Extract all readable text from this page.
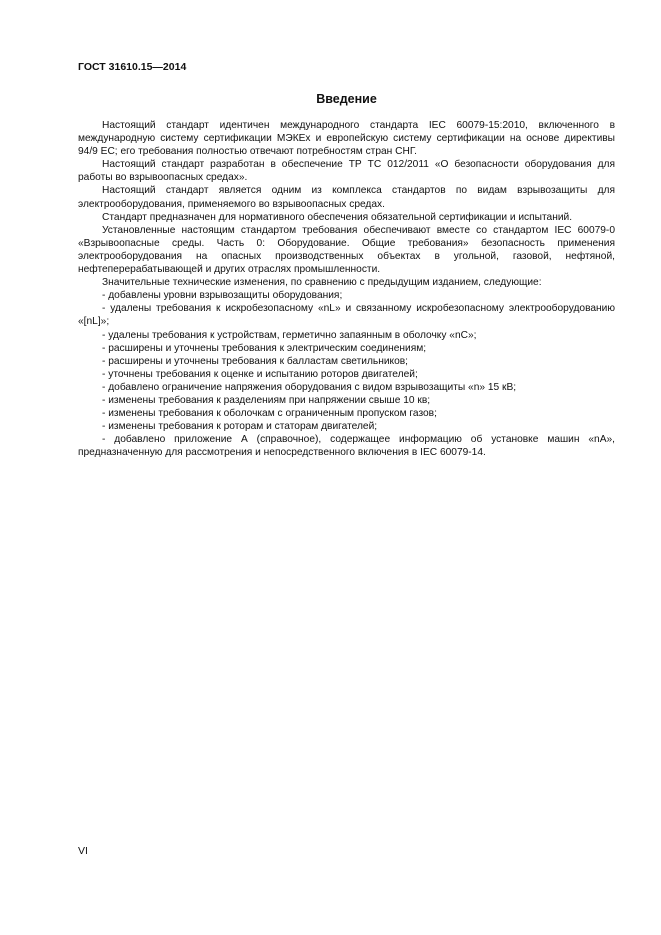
ГОСТ 31610.15—2014
Введение

Настоящий стандарт идентичен международного стандарта IEC 60079-15:2010, включенного в международную систему сертификации МЭКЕх и европейскую систему сертификации на основе директивы 94/9 ЕС; его требования полностью отвечают потребностям стран СНГ.

Настоящий стандарт разработан в обеспечение ТР ТС 012/2011 «О безопасности оборудования для работы во взрывоопасных средах».

Настоящий стандарт является одним из комплекса стандартов по видам взрывозащиты для электрооборудования, применяемого во взрывоопасных средах.

Стандарт предназначен для нормативного обеспечения обязательной сертификации и испытаний.

Установленные настоящим стандартом требования обеспечивают вместе со стандартом IEC 60079-0 «Взрывоопасные среды. Часть 0: Оборудование. Общие требования» безопасность применения электрооборудования на опасных производственных объектах в угольной, газовой, нефтяной, нефтеперерабатывающей и других отраслях промышленности.

Значительные технические изменения, по сравнению с предыдущим изданием, следующие:

- добавлены уровни взрывозащиты оборудования;

- удалены требования к искробезопасному «nL» и связанному искробезопасному электрооборудованию «[nL]»;

- удалены требования к устройствам, герметично запаянным в оболочку «nC»;

- расширены и уточнены требования к электрическим соединениям;

- расширены и уточнены требования к балластам светильников;

- уточнены требования к оценке и испытанию роторов двигателей;

- добавлено ограничение напряжения оборудования с видом взрывозащиты «n» 15 кВ;

- изменены требования к разделениям при напряжении свыше 10 кв;

- изменены требования к оболочкам с ограниченным пропуском газов;

- изменены требования к роторам и статорам двигателей;

- добавлено приложение А (справочное), содержащее информацию об установке машин «nA», предназначенную для рассмотрения и непосредственного включения в IEC 60079-14.

VI
